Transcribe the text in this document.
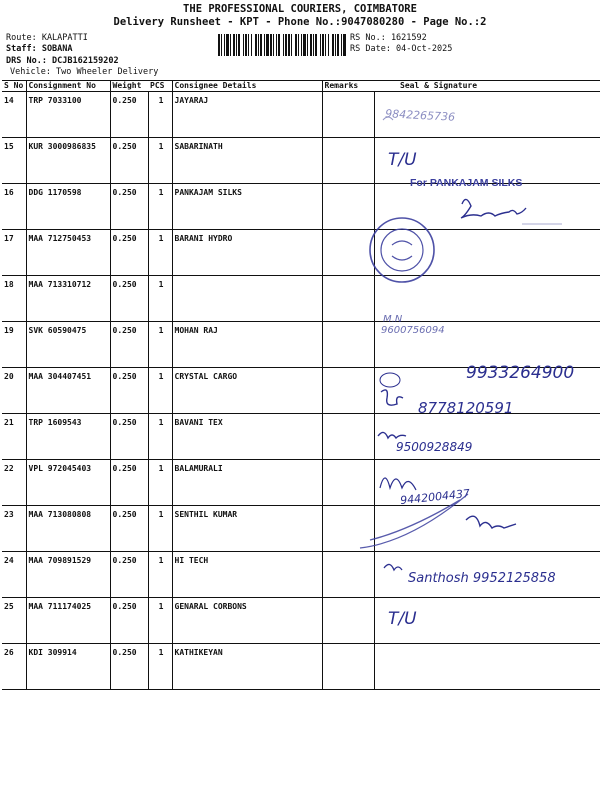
THE PROFESSIONAL COURIERS, COIMBATORE
Delivery Runsheet - KPT - Phone No.:9047080280 - Page No.:2
Route: KALAPATTI
Staff: SOBANA
DRS No.: DCJB162159202
Vehicle: Two Wheeler Delivery
RS No.: 1621592
RS Date: 04-Oct-2025
S No	Consignment No	Weight	PCS	Consignee Details	Remarks	Seal & Signature
14	TRP 7033100	0.250	1	JAYARAJ		
15	KUR 3000986835	0.250	1	SABARINATH		
16	DDG 1170598	0.250	1	PANKAJAM SILKS		
17	MAA 712750453	0.250	1	BARANI HYDRO		
18	MAA 713310712	0.250	1			
19	SVK 60590475	0.250	1	MOHAN RAJ		
20	MAA 304407451	0.250	1	CRYSTAL CARGO		
21	TRP 1609543	0.250	1	BAVANI TEX		
22	VPL 972045403	0.250	1	BALAMURALI		
23	MAA 713080808	0.250	1	SENTHIL KUMAR		
24	MAA 709891529	0.250	1	HI TECH		
25	MAA 711174025	0.250	1	GENARAL CORBONS		
26	KDI 309914	0.250	1	KATHIKEYAN		
9842265736
T/U
For PANKAJAM SILKS
M.N
9600756094
9933264900
8778120591
9500928849
9442004437
Santhosh 9952125858
T/U
